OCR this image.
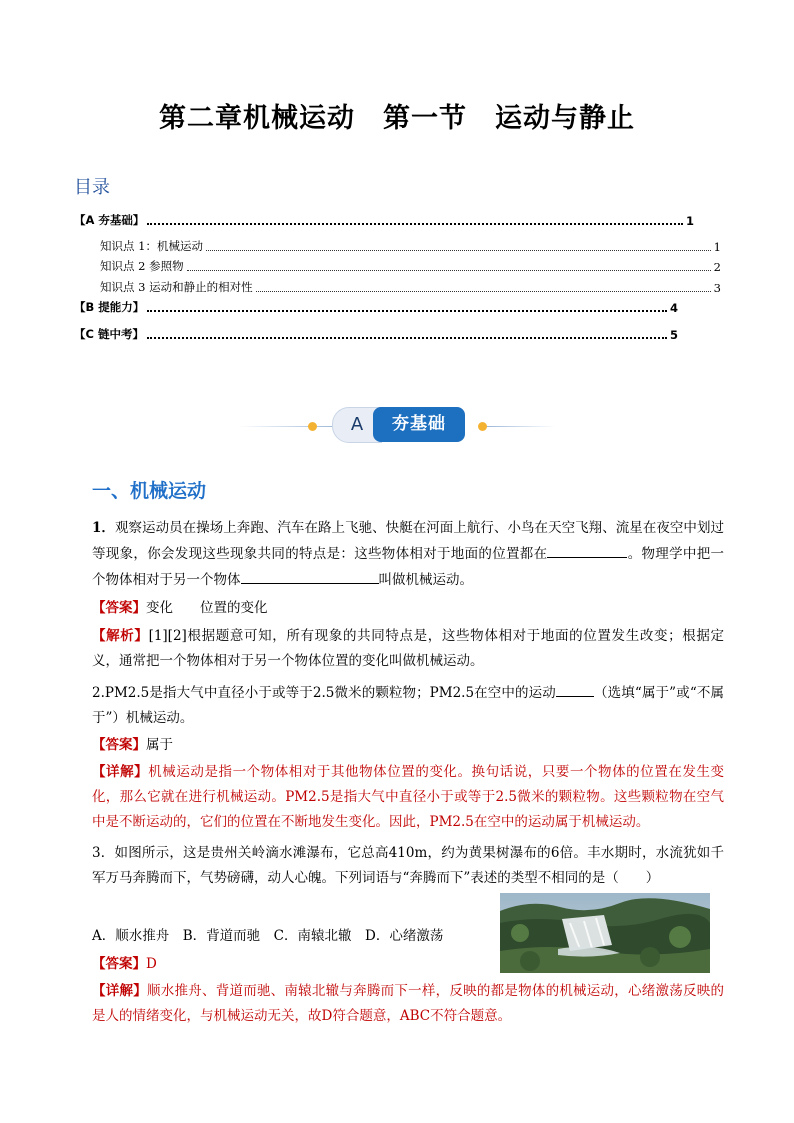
第二章机械运动　第一节　运动与静止
目录
【A 夯基础】	1
知识点 1：机械运动	1
知识点 2 参照物	2
知识点 3 运动和静止的相对性	3
【B 提能力】	4
【C 链中考】	5
A	夯基础
一、机械运动
1．观察运动员在操场上奔跑、汽车在路上飞驰、快艇在河面上航行、小鸟在天空飞翔、流星在夜空中划过等现象，你会发现这些现象共同的特点是：这些物体相对于地面的位置都在	。物理学中把一个物体相对于另一个物体	叫做机械运动。
【答案】变化　　位置的变化
【解析】[1][2]根据题意可知，所有现象的共同特点是，这些物体相对于地面的位置发生改变；根据定义，通常把一个物体相对于另一个物体位置的变化叫做机械运动。
2.PM2.5是指大气中直径小于或等于2.5微米的颗粒物；PM2.5在空中的运动	（选填“属于”或“不属于”）机械运动。
【答案】属于
【详解】机械运动是指一个物体相对于其他物体位置的变化。换句话说，只要一个物体的位置在发生变化，那么它就在进行机械运动。PM2.5是指大气中直径小于或等于2.5微米的颗粒物。这些颗粒物在空气中是不断运动的，它们的位置在不断地发生变化。因此，PM2.5在空中的运动属于机械运动。
3．如图所示，这是贵州关岭滴水滩瀑布，它总高410m，约为黄果树瀑布的6倍。丰水期时，水流犹如千军万马奔腾而下，气势磅礴，动人心魄。下列词语与“奔腾而下”表述的类型不相同的是（　　）
A．顺水推舟　B．背道而驰　C．南辕北辙　D．心绪激荡
【答案】D
【详解】顺水推舟、背道而驰、南辕北辙与奔腾而下一样，反映的都是物体的机械运动，心绪激荡反映的是人的情绪变化，与机械运动无关，故D符合题意，ABC不符合题意。
